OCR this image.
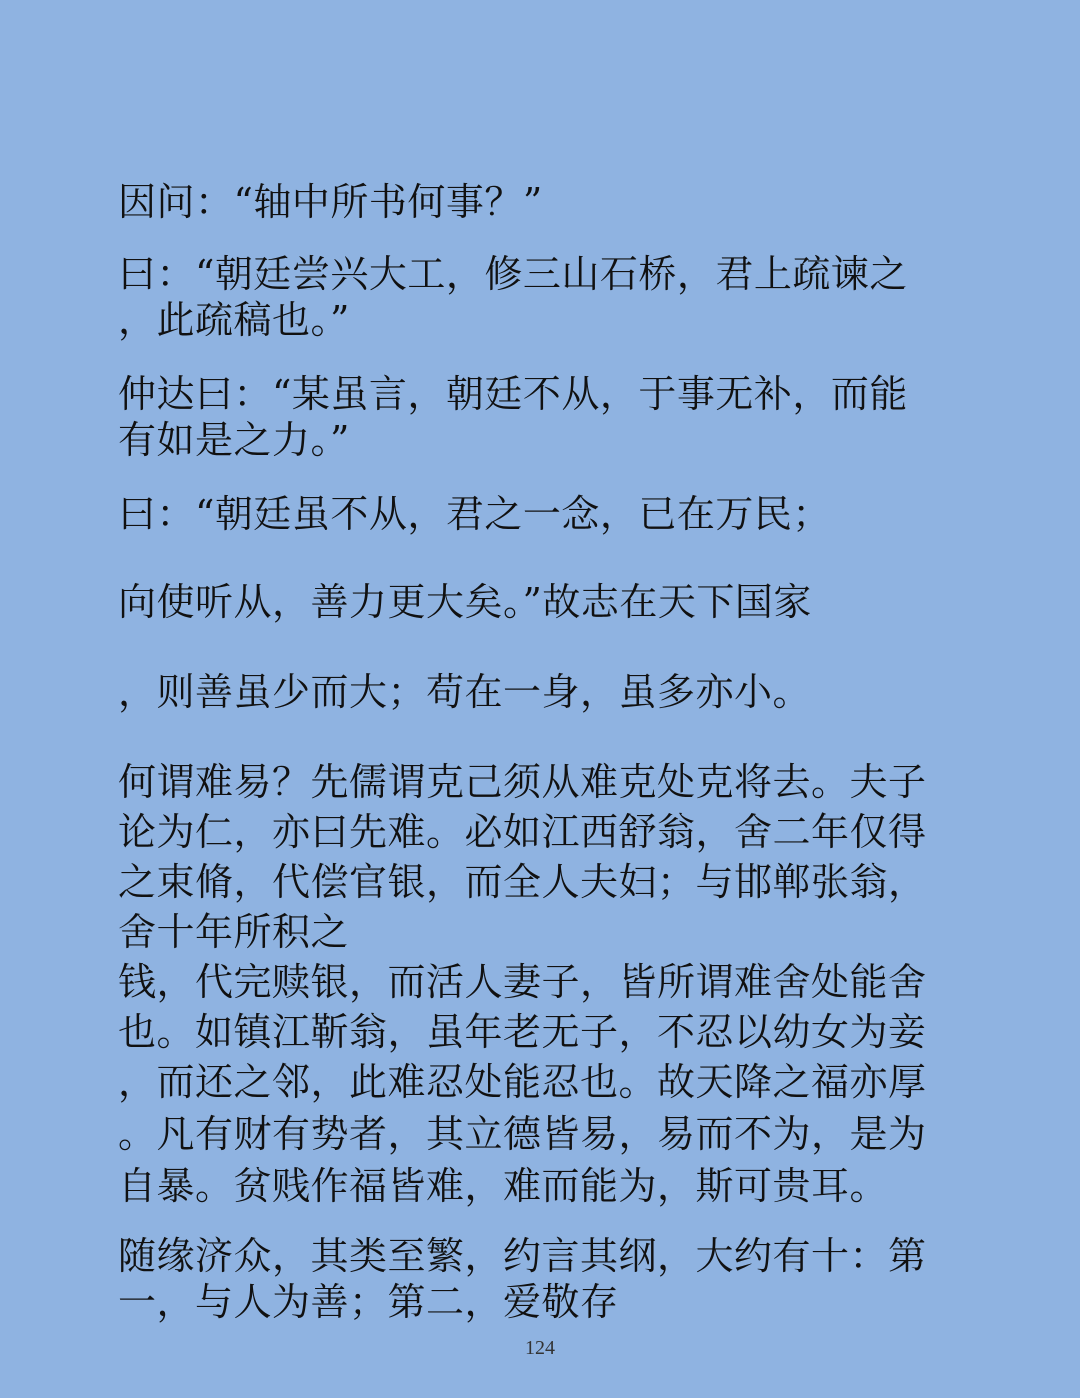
因问：“轴中所书何事？”
曰：“朝廷尝兴大工，修三山石桥，君上疏谏之
，此疏稿也。”
仲达曰：“某虽言，朝廷不从，于事无补，而能
有如是之力。”
曰：“朝廷虽不从，君之一念，已在万民；
向使听从，善力更大矣。”故志在天下国家
，则善虽少而大；苟在一身，虽多亦小。
何谓难易？先儒谓克己须从难克处克将去。夫子
论为仁，亦曰先难。必如江西舒翁，舍二年仅得
之束脩，代偿官银，而全人夫妇；与邯郸张翁，
舍十年所积之
钱，代完赎银，而活人妻子，皆所谓难舍处能舍
也。如镇江靳翁，虽年老无子，不忍以幼女为妾
，而还之邻，此难忍处能忍也。故天降之福亦厚
。凡有财有势者，其立德皆易，易而不为，是为
自暴。贫贱作福皆难，难而能为，斯可贵耳。
随缘济众，其类至繁，约言其纲，大约有十：第
一，与人为善；第二，爱敬存
124
